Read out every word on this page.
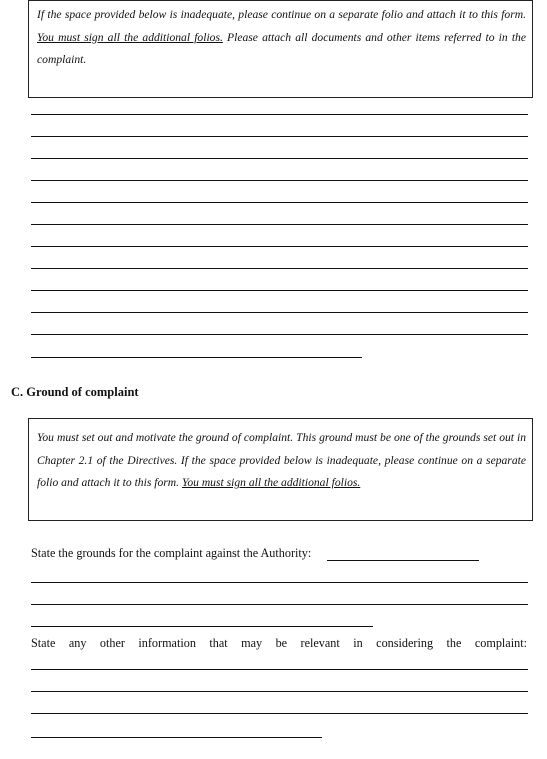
If the space provided below is inadequate, please continue on a separate folio and attach it to this form. You must sign all the additional folios. Please attach all documents and other items referred to in the complaint.
C. Ground of complaint
You must set out and motivate the ground of complaint. This ground must be one of the grounds set out in Chapter 2.1 of the Directives. If the space provided below is inadequate, please continue on a separate folio and attach it to this form. You must sign all the additional folios.
State the grounds for the complaint against the Authority:
State any other information that may be relevant in considering the complaint:
